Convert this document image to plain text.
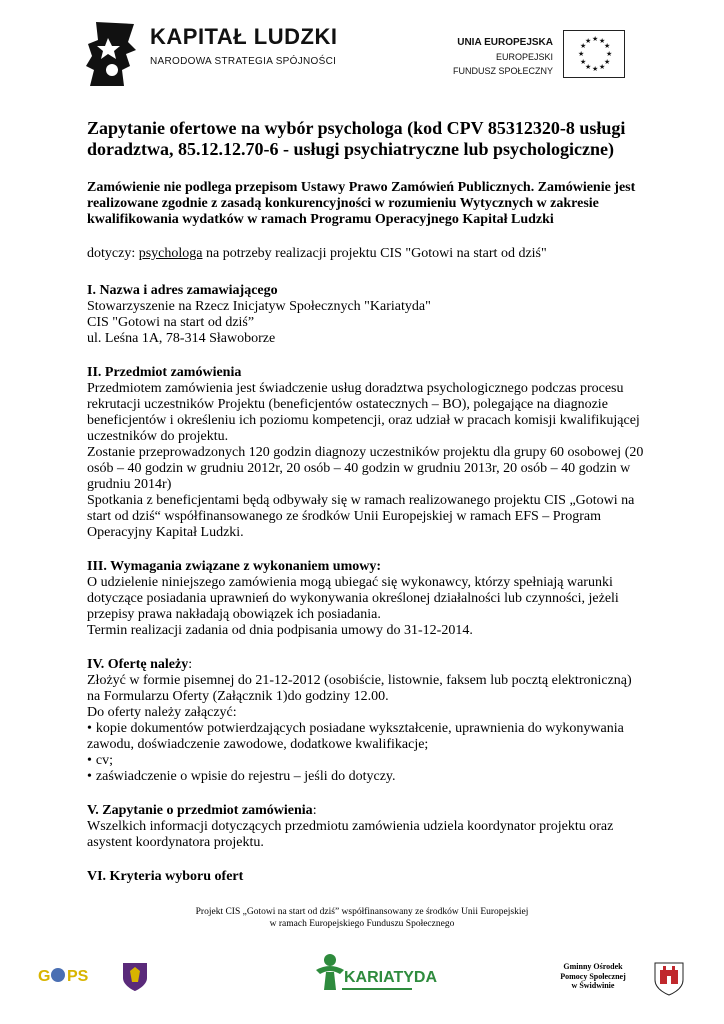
KAPITAŁ LUDZKI
NARODOWA STRATEGIA SPÓJNOŚCI
UNIA EUROPEJSKA
EUROPEJSKI
FUNDUSZ SPOŁECZNY
★ ★
★
★
★
★
★
★
★
★
★
★

Zapytanie ofertowe na wybór psychologa (kod CPV 85312320-8 usługi doradztwa, 85.12.12.70-6 - usługi psychiatryczne lub psychologiczne)

Zamówienie nie podlega przepisom Ustawy Prawo Zamówień Publicznych. Zamówienie jest realizowane zgodnie z zasadą konkurencyjności w rozumieniu Wytycznych w zakresie kwalifikowania wydatków w ramach Programu Operacyjnego Kapitał Ludzki

dotyczy: psychologa na potrzeby realizacji projektu CIS "Gotowi na start od dziś"

I. Nazwa i adres zamawiającego

Stowarzyszenie na Rzecz Inicjatyw Społecznych "Kariatyda"

CIS "Gotowi na start od dziś”

ul. Leśna 1A, 78-314 Sławoborze

II. Przedmiot zamówienia

Przedmiotem zamówienia jest świadczenie usług doradztwa psychologicznego podczas procesu rekrutacji uczestników Projektu (beneficjentów ostatecznych – BO), polegające na diagnozie beneficjentów i określeniu ich poziomu kompetencji, oraz udział w pracach komisji kwalifikującej uczestników do projektu.

Zostanie przeprowadzonych 120 godzin diagnozy uczestników projektu dla grupy 60 osobowej (20 osób – 40 godzin w grudniu 2012r, 20 osób – 40 godzin w grudniu 2013r, 20 osób – 40 godzin w grudniu 2014r)

Spotkania z beneficjentami będą odbywały się w ramach realizowanego projektu CIS „Gotowi na start od dziś“ współfinansowanego ze środków Unii Europejskiej w ramach EFS – Program Operacyjny Kapitał Ludzki.

III. Wymagania związane z wykonaniem umowy:

O udzielenie niniejszego zamówienia mogą ubiegać się wykonawcy, którzy spełniają warunki dotyczące posiadania uprawnień do wykonywania określonej działalności lub czynności, jeżeli przepisy prawa nakładają obowiązek ich posiadania.

Termin realizacji zadania od dnia podpisania umowy do 31-12-2014.

IV. Ofertę należy:

Złożyć w formie pisemnej do 21-12-2012 (osobiście, listownie, faksem lub pocztą elektroniczną) na Formularzu Oferty (Załącznik 1)do godziny 12.00.

Do oferty należy załączyć:

• kopie dokumentów potwierdzających posiadane wykształcenie, uprawnienia do wykonywania zawodu, doświadczenie zawodowe, dodatkowe kwalifikacje;

• cv;

• zaświadczenie o wpisie do rejestru – jeśli do dotyczy.

V. Zapytanie o przedmiot zamówienia:

Wszelkich informacji dotyczących przedmiotu zamówienia udziela koordynator projektu oraz asystent koordynatora projektu.

VI. Kryteria wyboru ofert

Projekt CIS „Gotowi na start od dziś” współfinansowany ze środków Unii Europejskiej
w ramach Europejskiego Funduszu Społecznego
G PS	KARIATYDA
Gminny Ośrodek
Pomocy Społecznej
w Świdwinie
